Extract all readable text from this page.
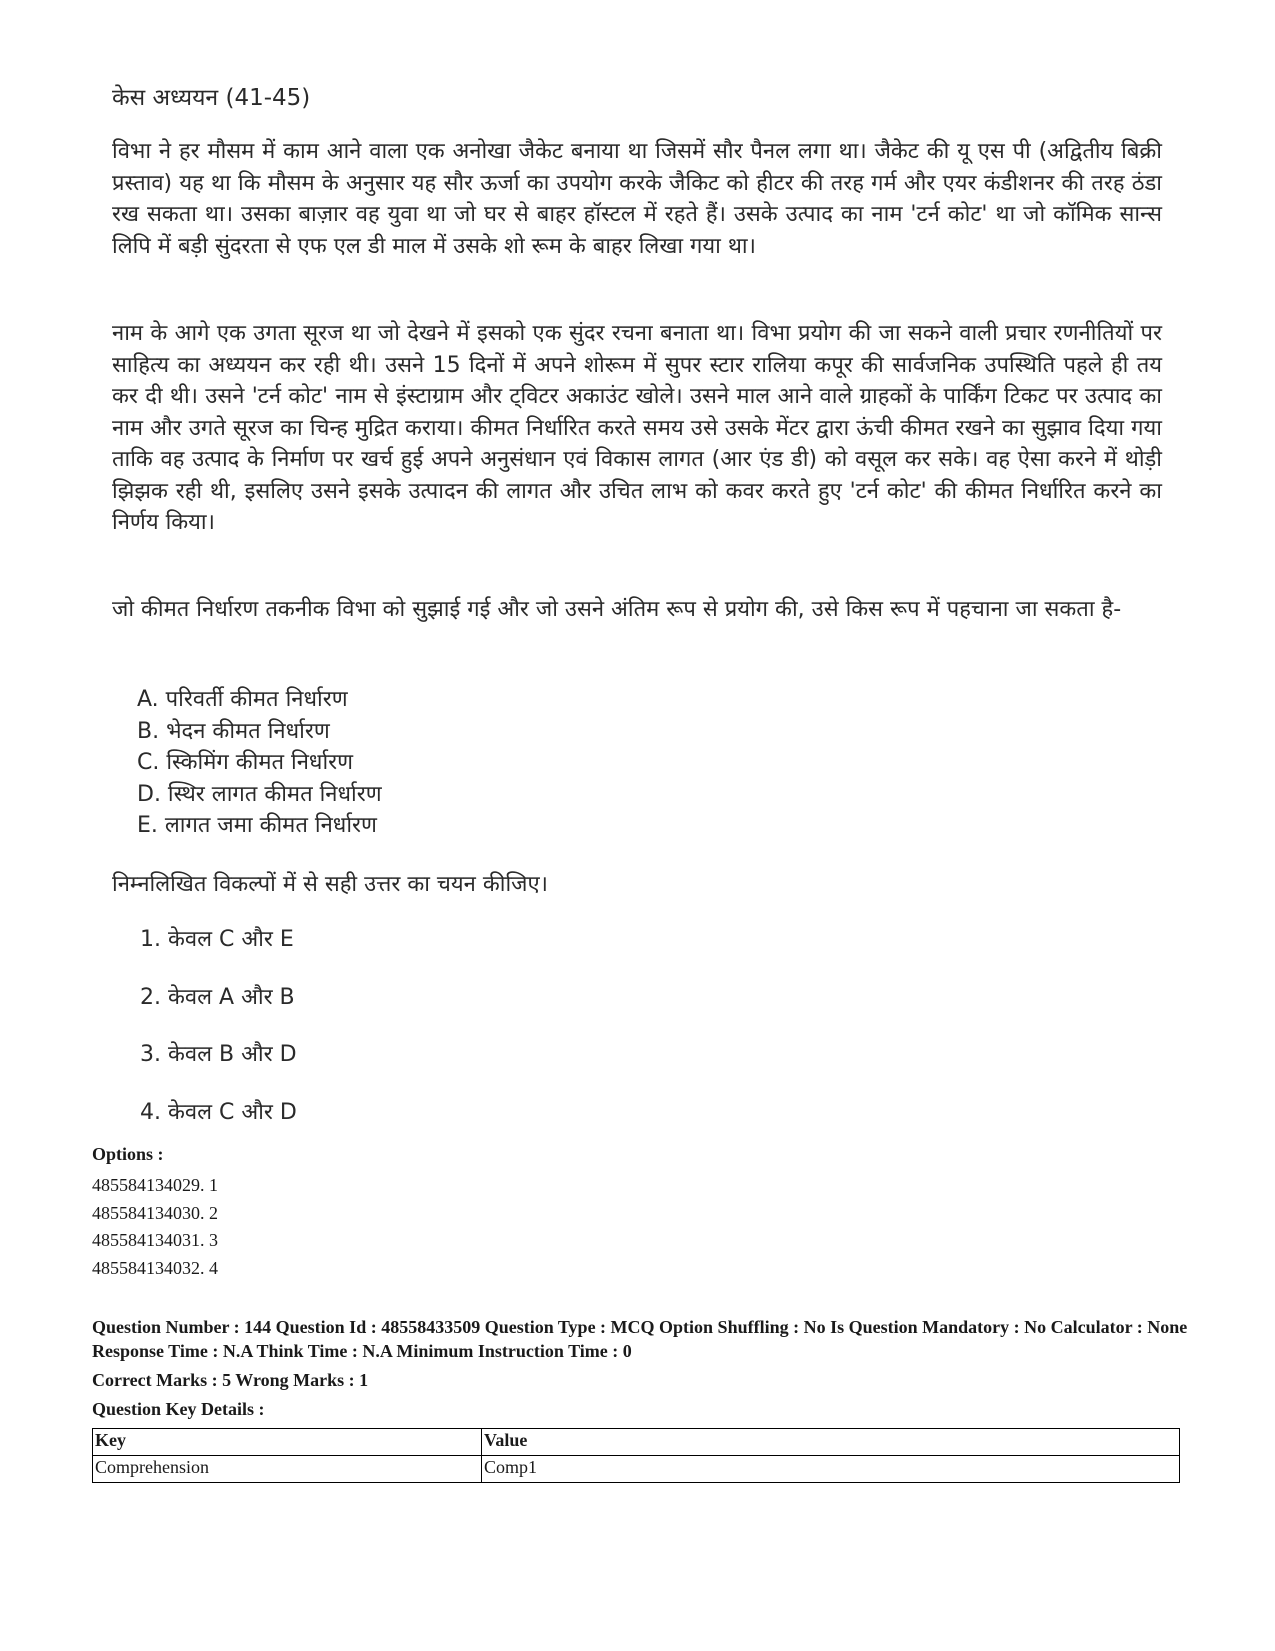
केस अध्ययन (41-45)

विभा ने हर मौसम में काम आने वाला एक अनोखा जैकेट बनाया था जिसमें सौर पैनल लगा था। जैकेट की यू एस पी (अद्वितीय बिक्री प्रस्ताव) यह था कि मौसम के अनुसार यह सौर ऊर्जा का उपयोग करके जैकिट को हीटर की तरह गर्म और एयर कंडीशनर की तरह ठंडा रख सकता था। उसका बाज़ार वह युवा था जो घर से बाहर हॉस्टल में रहते हैं। उसके उत्पाद का नाम 'टर्न कोट' था जो कॉमिक सान्स लिपि में बड़ी सुंदरता से एफ एल डी माल में उसके शो रूम के बाहर लिखा गया था।

नाम के आगे एक उगता सूरज था जो देखने में इसको एक सुंदर रचना बनाता था। विभा प्रयोग की जा सकने वाली प्रचार रणनीतियों पर साहित्य का अध्ययन कर रही थी। उसने 15 दिनों में अपने शोरूम में सुपर स्टार रालिया कपूर की सार्वजनिक उपस्थिति पहले ही तय कर दी थी। उसने 'टर्न कोट' नाम से इंस्टाग्राम और ट्विटर अकाउंट खोले। उसने माल आने वाले ग्राहकों के पार्किंग टिकट पर उत्पाद का नाम और उगते सूरज का चिन्ह मुद्रित कराया। कीमत निर्धारित करते समय उसे उसके मेंटर द्वारा ऊंची कीमत रखने का सुझाव दिया गया ताकि वह उत्पाद के निर्माण पर खर्च हुई अपने अनुसंधान एवं विकास लागत (आर एंड डी) को वसूल कर सके। वह ऐसा करने में थोड़ी झिझक रही थी, इसलिए उसने इसके उत्पादन की लागत और उचित लाभ को कवर करते हुए 'टर्न कोट' की कीमत निर्धारित करने का निर्णय किया।

जो कीमत निर्धारण तकनीक विभा को सुझाई गई और जो उसने अंतिम रूप से प्रयोग की, उसे किस रूप में पहचाना जा सकता है-

A. परिवर्ती कीमत निर्धारण
B. भेदन कीमत निर्धारण
C. स्किमिंग कीमत निर्धारण
D. स्थिर लागत कीमत निर्धारण
E. लागत जमा कीमत निर्धारण
निम्नलिखित विकल्पों में से सही उत्तर का चयन कीजिए।
1. केवल C और E
2. केवल A और B
3. केवल B और D
4. केवल C और D
Options :
485584134029. 1
485584134030. 2
485584134031. 3
485584134032. 4

Question Number : 144 Question Id : 48558433509 Question Type : MCQ Option Shuffling : No Is Question Mandatory : No Calculator : None Response Time : N.A Think Time : N.A Minimum Instruction Time : 0

Correct Marks : 5 Wrong Marks : 1

Question Key Details :

Key	Value
Comprehension	Comp1
